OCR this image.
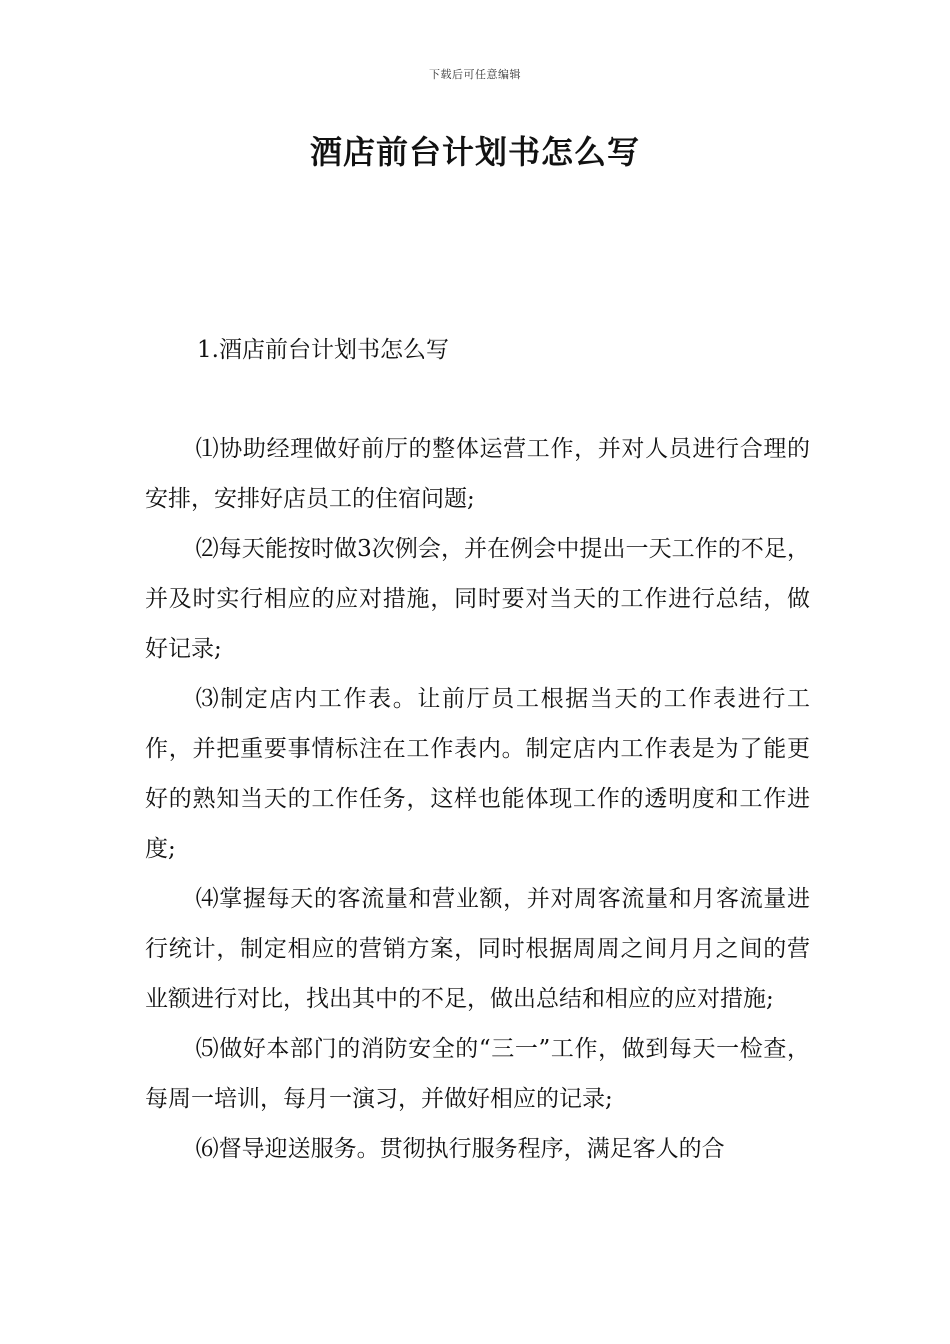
下载后可任意编辑
酒店前台计划书怎么写
1.酒店前台计划书怎么写

⑴协助经理做好前厅的整体运营工作，并对人员进行合理的安排，安排好店员工的住宿问题;

⑵每天能按时做3次例会，并在例会中提出一天工作的不足，并及时实行相应的应对措施，同时要对当天的工作进行总结，做好记录;

⑶制定店内工作表。让前厅员工根据当天的工作表进行工作，并把重要事情标注在工作表内。制定店内工作表是为了能更好的熟知当天的工作任务，这样也能体现工作的透明度和工作进度;

⑷掌握每天的客流量和营业额，并对周客流量和月客流量进行统计，制定相应的营销方案，同时根据周周之间月月之间的营业额进行对比，找出其中的不足，做出总结和相应的应对措施;

⑸做好本部门的消防安全的“三一”工作，做到每天一检查，每周一培训，每月一演习，并做好相应的记录;

⑹督导迎送服务。贯彻执行服务程序，满足客人的合
